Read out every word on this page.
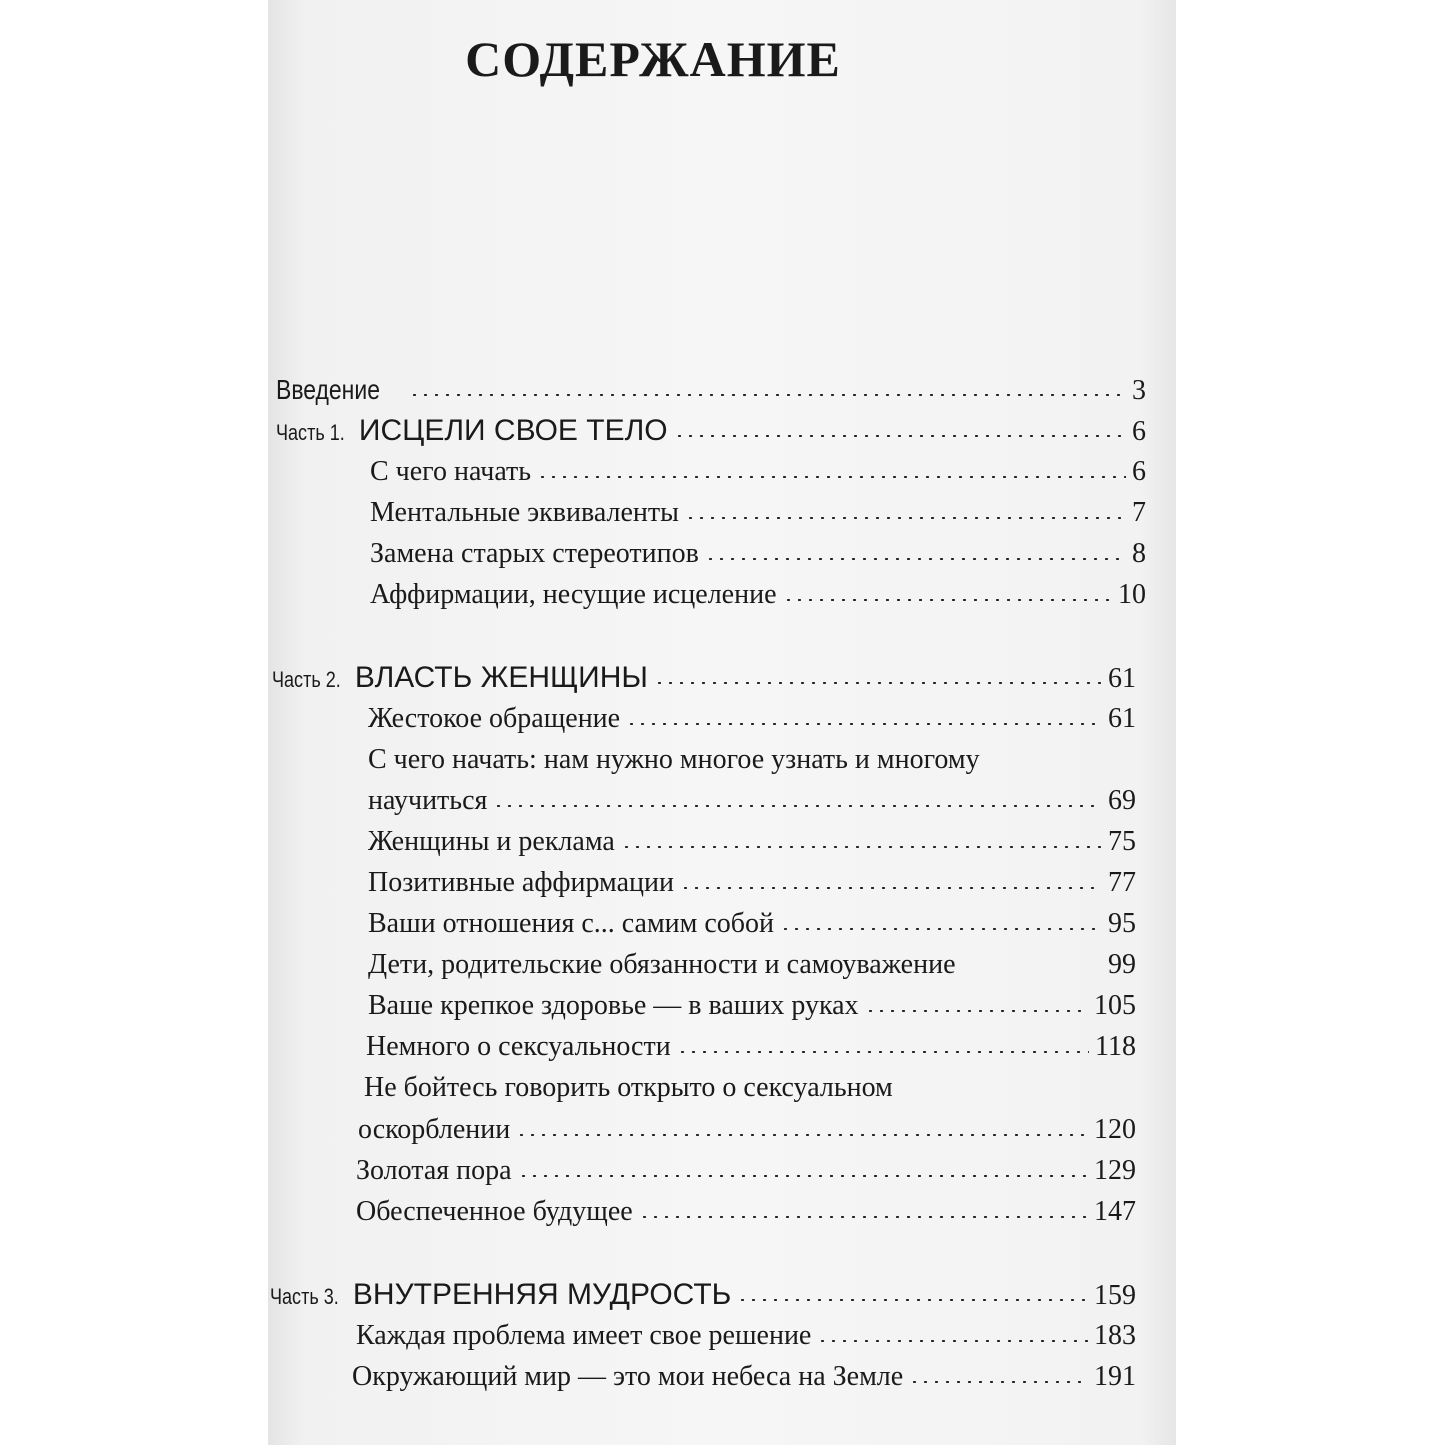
СОДЕРЖАНИЕ
Введение	3
Часть 1. ИСЦЕЛИ СВОЕ ТЕЛО	6
С чего начать	6
Ментальные эквиваленты	7
Замена старых стереотипов	8
Аффирмации, несущие исцеление	10
Часть 2. ВЛАСТЬ ЖЕНЩИНЫ	61
Жестокое обращение	61
С чего начать: нам нужно многое узнать и многому
научиться	69
Женщины и реклама	75
Позитивные аффирмации	77
Ваши отношения с... самим собой	95
Дети, родительские обязанности и самоуважение	99
Ваше крепкое здоровье — в ваших руках	105
Немного о сексуальности	118
Не бойтесь говорить открыто о сексуальном
оскорблении	120
Золотая пора	129
Обеспеченное будущее	147
Часть 3. ВНУТРЕННЯЯ МУДРОСТЬ	159
Каждая проблема имеет свое решение	183
Окружающий мир — это мои небеса на Земле	191
